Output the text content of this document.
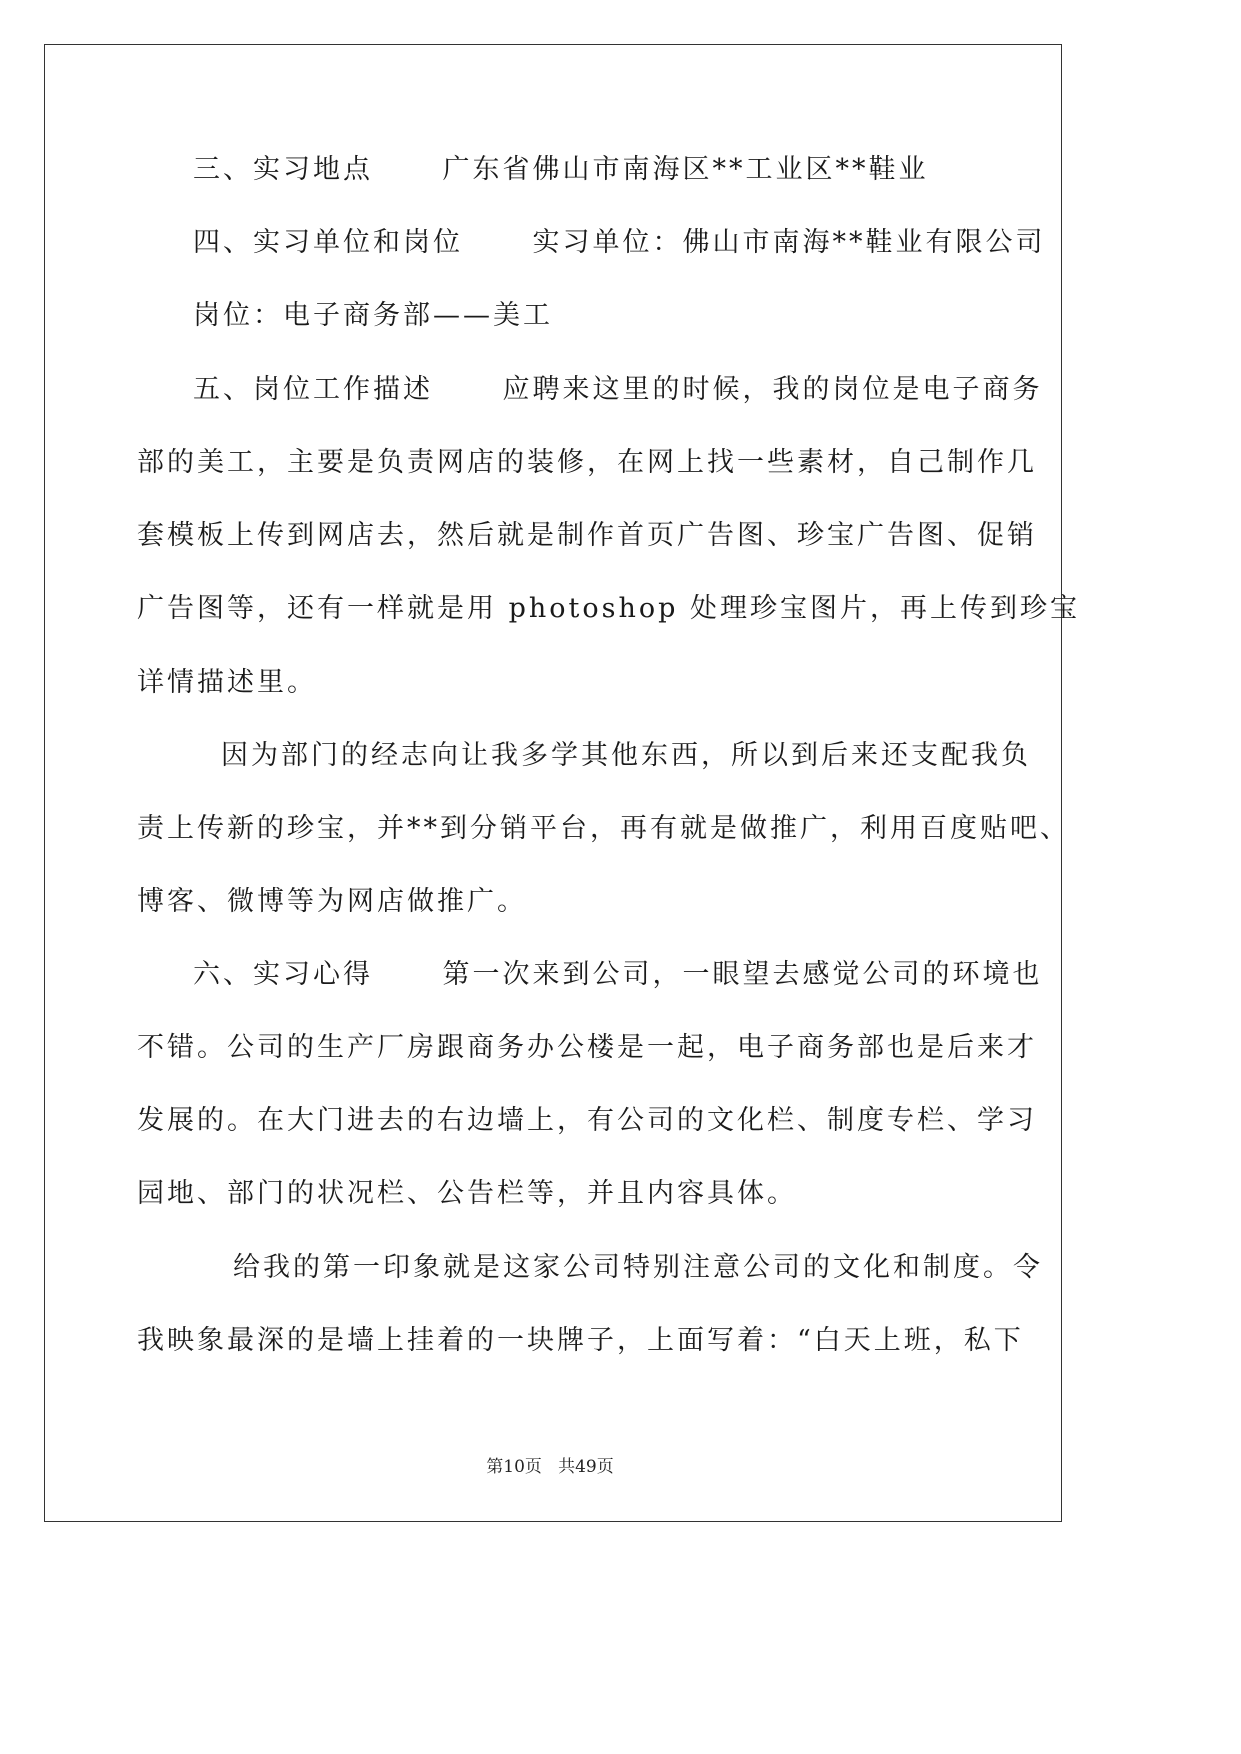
三、实习地点      广东省佛山市南海区**工业区**鞋业
四、实习单位和岗位      实习单位：佛山市南海**鞋业有限公司
岗位：电子商务部——美工
五、岗位工作描述      应聘来这里的时候，我的岗位是电子商务
部的美工，主要是负责网店的装修，在网上找一些素材，自己制作几
套模板上传到网店去，然后就是制作首页广告图、珍宝广告图、促销
广告图等，还有一样就是用 photoshop 处理珍宝图片，再上传到珍宝
详情描述里。
因为部门的经志向让我多学其他东西，所以到后来还支配我负
责上传新的珍宝，并**到分销平台，再有就是做推广，利用百度贴吧、
博客、微博等为网店做推广。
六、实习心得      第一次来到公司，一眼望去感觉公司的环境也
不错。公司的生产厂房跟商务办公楼是一起，电子商务部也是后来才
发展的。在大门进去的右边墙上，有公司的文化栏、制度专栏、学习
园地、部门的状况栏、公告栏等，并且内容具体。
给我的第一印象就是这家公司特别注意公司的文化和制度。令
我映象最深的是墙上挂着的一块牌子，上面写着：“白天上班，私下
第10页   共49页
